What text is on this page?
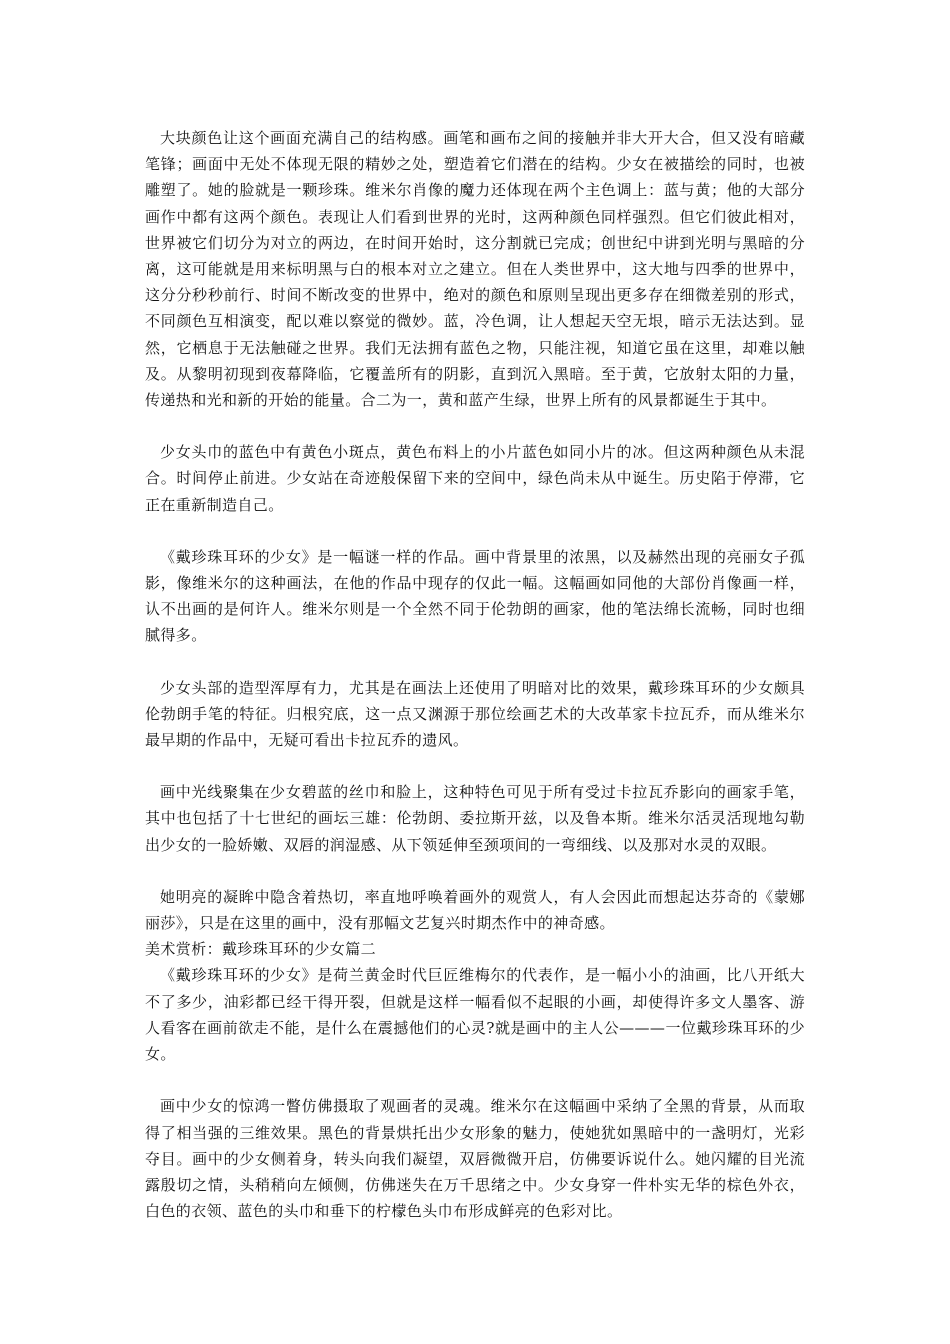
大块颜色让这个画面充满自己的结构感。画笔和画布之间的接触并非大开大合，但又没有暗藏笔锋；画面中无处不体现无限的精妙之处，塑造着它们潜在的结构。少女在被描绘的同时，也被雕塑了。她的脸就是一颗珍珠。维米尔肖像的魔力还体现在两个主色调上：蓝与黄；他的大部分画作中都有这两个颜色。表现让人们看到世界的光时，这两种颜色同样强烈。但它们彼此相对，世界被它们切分为对立的两边，在时间开始时，这分割就已完成；创世纪中讲到光明与黑暗的分离，这可能就是用来标明黑与白的根本对立之建立。但在人类世界中，这大地与四季的世界中，这分分秒秒前行、时间不断改变的世界中，绝对的颜色和原则呈现出更多存在细微差别的形式，不同颜色互相演变，配以难以察觉的微妙。蓝，冷色调，让人想起天空无垠，暗示无法达到。显然，它栖息于无法触碰之世界。我们无法拥有蓝色之物，只能注视，知道它虽在这里，却难以触及。从黎明初现到夜幕降临，它覆盖所有的阴影，直到沉入黑暗。至于黄，它放射太阳的力量，传递热和光和新的开始的能量。合二为一，黄和蓝产生绿，世界上所有的风景都诞生于其中。

少女头巾的蓝色中有黄色小斑点，黄色布料上的小片蓝色如同小片的冰。但这两种颜色从未混合。时间停止前进。少女站在奇迹般保留下来的空间中，绿色尚未从中诞生。历史陷于停滞，它正在重新制造自己。

《戴珍珠耳环的少女》是一幅谜一样的作品。画中背景里的浓黑，以及赫然出现的亮丽女子孤影，像维米尔的这种画法，在他的作品中现存的仅此一幅。这幅画如同他的大部份肖像画一样，认不出画的是何许人。维米尔则是一个全然不同于伦勃朗的画家，他的笔法绵长流畅，同时也细腻得多。

少女头部的造型浑厚有力，尤其是在画法上还使用了明暗对比的效果，戴珍珠耳环的少女颇具伦勃朗手笔的特征。归根究底，这一点又渊源于那位绘画艺术的大改革家卡拉瓦乔，而从维米尔最早期的作品中，无疑可看出卡拉瓦乔的遗风。

画中光线聚集在少女碧蓝的丝巾和脸上，这种特色可见于所有受过卡拉瓦乔影向的画家手笔，其中也包括了十七世纪的画坛三雄：伦勃朗、委拉斯开兹，以及鲁本斯。维米尔活灵活现地勾勒出少女的一脸娇嫩、双唇的润湿感、从下领延伸至颈项间的一弯细线、以及那对水灵的双眼。

她明亮的凝眸中隐含着热切，率直地呼唤着画外的观赏人，有人会因此而想起达芬奇的《蒙娜丽莎》，只是在这里的画中，没有那幅文艺复兴时期杰作中的神奇感。

美术赏析：戴珍珠耳环的少女篇二

《戴珍珠耳环的少女》是荷兰黄金时代巨匠维梅尔的代表作，是一幅小小的油画，比八开纸大不了多少，油彩都已经干得开裂，但就是这样一幅看似不起眼的小画，却使得许多文人墨客、游人看客在画前欲走不能，是什么在震撼他们的心灵?就是画中的主人公———一位戴珍珠耳环的少女。

画中少女的惊鸿一瞥仿佛摄取了观画者的灵魂。维米尔在这幅画中采纳了全黑的背景，从而取得了相当强的三维效果。黑色的背景烘托出少女形象的魅力，使她犹如黑暗中的一盏明灯，光彩夺目。画中的少女侧着身，转头向我们凝望，双唇微微开启，仿佛要诉说什么。她闪耀的目光流露殷切之情，头稍稍向左倾侧，仿佛迷失在万千思绪之中。少女身穿一件朴实无华的棕色外衣，白色的衣领、蓝色的头巾和垂下的柠檬色头巾布形成鲜亮的色彩对比。
